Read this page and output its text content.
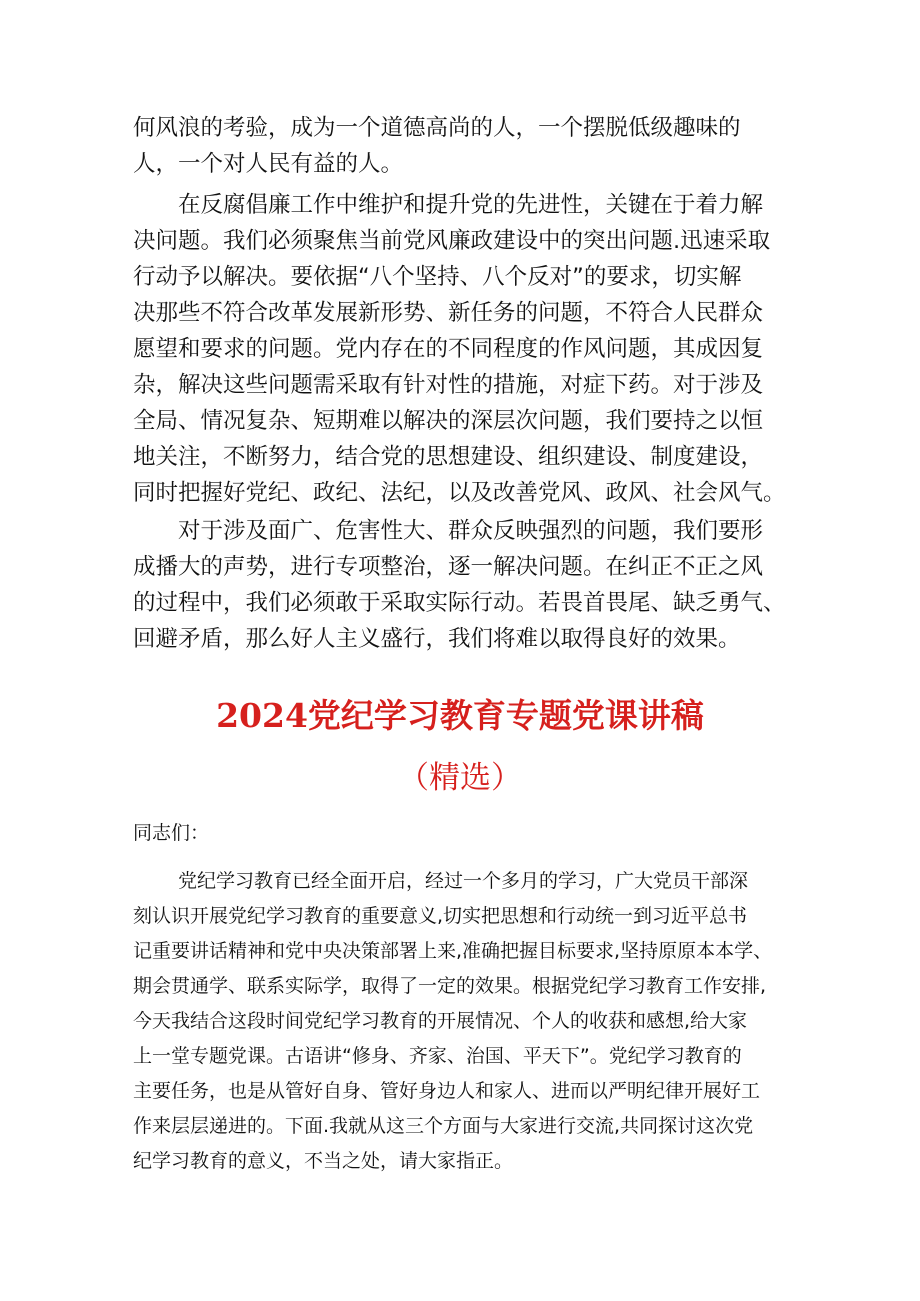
何风浪的考验，成为一个道德高尚的人，一个摆脱低级趣味的
人，一个对人民有益的人。
在反腐倡廉工作中维护和提升党的先进性，关键在于着力解
决问题。我们必须聚焦当前党风廉政建设中的突出问题.迅速采取
行动予以解决。要依据“八个坚持、八个反对”的要求，切实解
决那些不符合改革发展新形势、新任务的问题，不符合人民群众
愿望和要求的问题。党内存在的不同程度的作风问题，其成因复
杂，解决这些问题需采取有针对性的措施，对症下药。对于涉及
全局、情况复杂、短期难以解决的深层次问题，我们要持之以恒
地关注，不断努力，结合党的思想建设、组织建设、制度建设，
同时把握好党纪、政纪、法纪，以及改善党风、政风、社会风气。
对于涉及面广、危害性大、群众反映强烈的问题，我们要形
成播大的声势，进行专项整治，逐一解决问题。在纠正不正之风
的过程中，我们必须敢于采取实际行动。若畏首畏尾、缺乏勇气、
回避矛盾，那么好人主义盛行，我们将难以取得良好的效果。
2024党纪学习教育专题党课讲稿
（精选）
同志们：
党纪学习教育已经全面开启，经过一个多月的学习，广大党员干部深
刻认识开展党纪学习教育的重要意义,切实把思想和行动统一到习近平总书
记重要讲话精神和党中央决策部署上来,准确把握目标要求,坚持原原本本学、
期会贯通学、联系实际学，取得了一定的效果。根据党纪学习教育工作安排,
今天我结合这段时间党纪学习教育的开展情况、个人的收获和感想,给大家
上一堂专题党课。古语讲“修身、齐家、治国、平天下”。党纪学习教育的
主要任务，也是从管好自身、管好身边人和家人、进而以严明纪律开展好工
作来层层递进的。下面.我就从这三个方面与大家进行交流,共同探讨这次党
纪学习教育的意义，不当之处，请大家指正。
